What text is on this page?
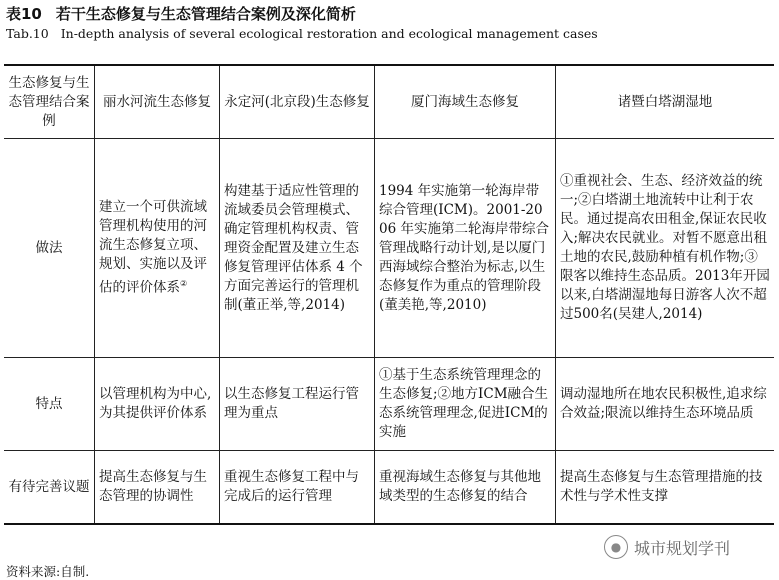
表10 若干生态修复与生态管理结合案例及深化简析
Tab.10 In-depth analysis of several ecological restoration and ecological management cases
生态修复与生态管理结合案例	丽水河流生态修复	永定河(北京段)生态修复	厦门海域生态修复	诸暨白塔湖湿地
做法	建立一个可供流域管理机构使用的河流生态修复立项、规划、实施以及评估的评价体系②	构建基于适应性管理的流域委员会管理模式、确定管理机构权责、管理资金配置及建立生态修复管理评估体系 4 个方面完善运行的管理机制(董正举,等,2014)	1994 年实施第一轮海岸带综合管理(ICM)。2001-2006 年实施第二轮海岸带综合管理战略行动计划,是以厦门西海域综合整治为标志,以生态修复作为重点的管理阶段(董美艳,等,2010)	①重视社会、生态、经济效益的统一;②白塔湖土地流转中让利于农民。通过提高农田租金,保证农民收入;解决农民就业。对暂不愿意出租土地的农民,鼓励种植有机作物;③限客以维持生态品质。2013年开园以来,白塔湖湿地每日游客人次不超过500名(吴建人,2014)
特点	以管理机构为中心,为其提供评价体系	以生态修复工程运行管理为重点	①基于生态系统管理理念的生态修复;②地方ICM融合生态系统管理理念,促进ICM的实施	调动湿地所在地农民积极性,追求综合效益;限流以维持生态环境品质
有待完善议题	提高生态修复与生态管理的协调性	重视生态修复工程中与完成后的运行管理	重视海域生态修复与其他地域类型的生态修复的结合	提高生态修复与生态管理措施的技术性与学术性支撑
资料来源:自制.
● 城市规划学刊
